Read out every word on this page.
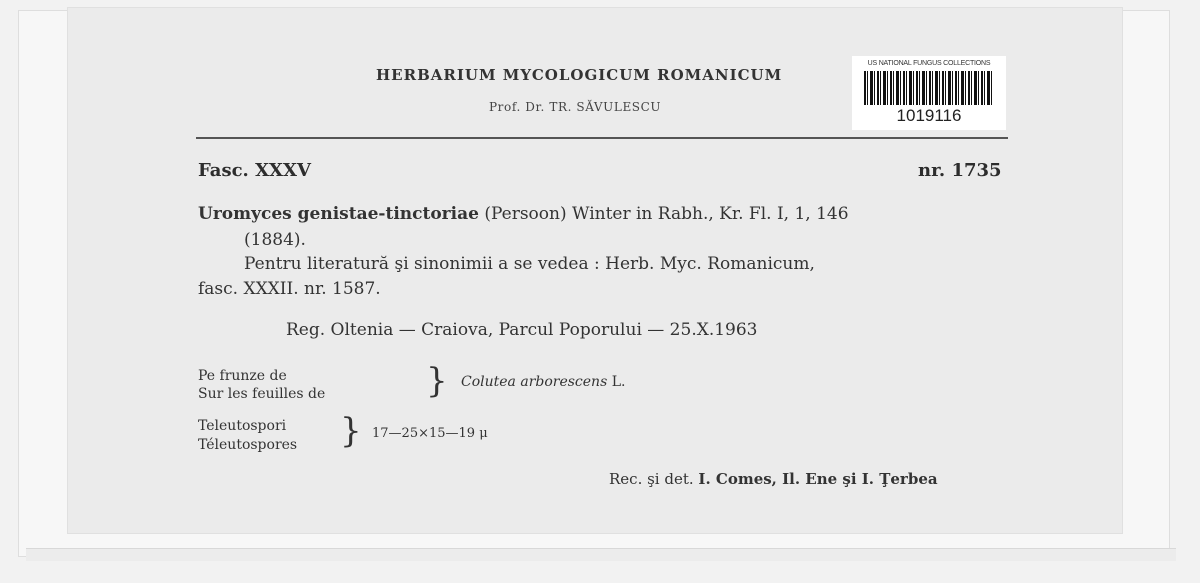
HERBARIUM MYCOLOGICUM ROMANICUM
Prof. Dr. TR. SĂVULESCU
US NATIONAL FUNGUS COLLECTIONS
1019116
Fasc. XXXV	nr. 1735
Uromyces genistae-tinctoriae (Persoon) Winter in Rabh., Kr. Fl. I, 1, 146
(1884).
Pentru literatură şi sinonimii a se vedea : Herb. Myc. Romanicum,
fasc. XXXII. nr. 1587.
Reg. Oltenia — Craiova, Parcul Poporului — 25.X.1963
Pe frunze de
Sur les feuilles de	} Colutea arborescens L.
Teleutospori
Téleutospores } 17—25×15—19 μ
Rec. şi det. I. Comes, Il. Ene şi I. Ţerbea
